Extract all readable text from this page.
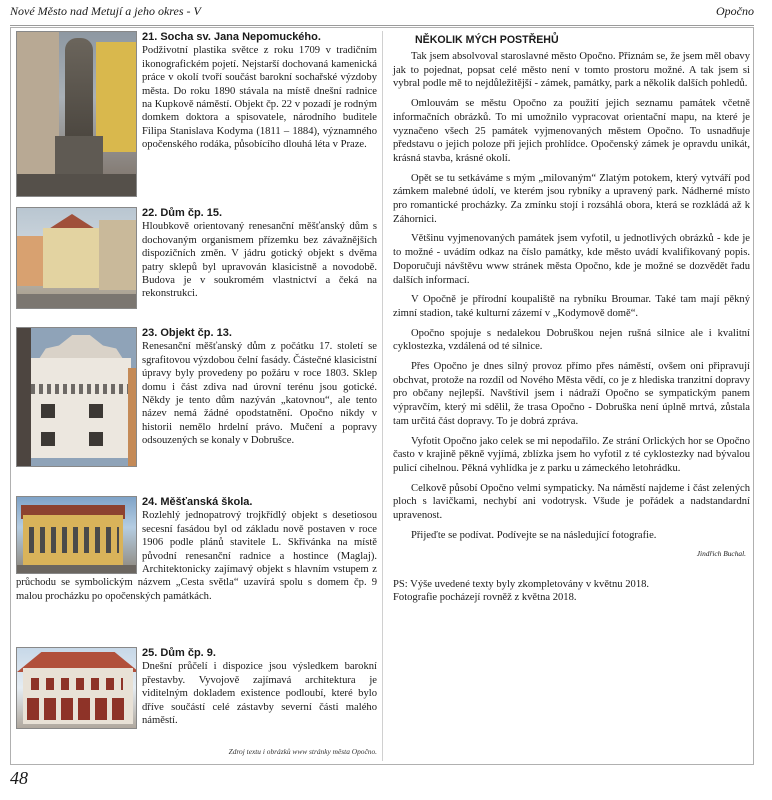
Nové Město nad Metují a jeho okres - V	Opočno
21. Socha sv. Jana Nepomuckého.
Podživotní plastika světce z roku 1709 v tradičním ikonografickém pojetí. Nejstarší dochovaná kamenická práce v okolí tvoří součást barokní sochařské výzdoby města. Do roku 1890 stávala na místě dnešní radnice na Kupkově náměstí. Objekt čp. 22 v pozadí je rodným domkem doktora a spisovatele, národního buditele Filipa Stanislava Kodyma (1811 – 1884), významného opočenského rodáka, působícího dlouhá léta v Praze.
22. Dům čp. 15.
Hloubkově orientovaný renesanční měšťanský dům s dochovaným organismem přízemku bez závažnějších dispozičních změn. V jádru gotický objekt s dvěma patry sklepů byl upravován klasicistně a novodobě. Budova je v soukromém vlastnictví a čeká na rekonstrukci.
23. Objekt čp. 13.
Renesanční měšťanský dům z počátku 17. století se sgrafitovou výzdobou čelní fasády. Částečné klasicistní úpravy byly provedeny po požáru v roce 1803. Sklep domu i část zdiva nad úrovní terénu jsou gotické. Někdy je tento dům nazýván „katovnou“, ale tento název nemá žádné opodstatnění. Opočno nikdy v historii nemělo hrdelní právo. Mučení a popravy odsouzených se konaly v Dobrušce.
24. Měšťanská škola.
Rozlehlý jednopatrový trojkřídlý objekt s desetiosou secesní fasádou byl od základu nově postaven v roce 1906 podle plánů stavitele L. Skřivánka na místě původní renesanční radnice a hostince (Maglaj). Architektonicky zajímavý objekt s hlavním vstupem z průchodu se symbolickým názvem „Cesta světla“ uzavírá spolu s domem čp. 9 malou procházku po opočenských památkách.
25. Dům čp. 9.
Dnešní průčelí i dispozice jsou výsledkem barokní přestavby. Vyvojově zajímavá architektura je viditelným dokladem existence podloubí, které bylo dříve součástí celé zástavby severní části malého náměstí.
Zdroj textu i obrázků www stránky města Opočno.
NĚKOLIK MÝCH POSTŘEHŮ

Tak jsem absolvoval staroslavné město Opočno. Přiznám se, že jsem měl obavy jak to pojednat, popsat celé město není v tomto prostoru možné. A tak jsem si vybral podle mě to nejdůležitější - zámek, památky, park a několik dalších pohledů.

Omlouvám se městu Opočno za použití jejich seznamu památek včetně informačních obrázků. To mi umožnilo vypracovat orientační mapu, na které je vyznačeno všech 25 památek vyjmenovaných městem Opočno. To usnadňuje představu o jejich poloze při jejich prohlídce. Opočenský zámek je opravdu unikát, krásná stavba, krásné okolí.

Opět se tu setkáváme s mým „milovaným“ Zlatým potokem, který vytváří pod zámkem malebné údolí, ve kterém jsou rybníky a upravený park. Nádherné místo pro romantické procházky. Za zmínku stojí i rozsáhlá obora, která se rozkládá až k Záhornici.

Většinu vyjmenovaných památek jsem vyfotil, u jednotlivých obrázků - kde je to možné - uvádím odkaz na číslo památky, kde město uvádí kvalifikovaný popis. Doporučuji návštěvu www stránek města Opočno, kde je možné se dozvědět řadu dalších informací.

V Opočně je přírodní koupaliště na rybníku Broumar. Také tam mají pěkný zimní stadion, také kulturní zázemí v „Kodymově domě“.

Opočno spojuje s nedalekou Dobruškou nejen rušná silnice ale i kvalitní cyklostezka, vzdálená od té silnice.

Přes Opočno je dnes silný provoz přímo přes náměstí, ovšem oni připravují obchvat, protože na rozdíl od Nového Města vědí, co je z hlediska tranzitní dopravy pro občany nejlepší. Navštívil jsem i nádraží Opočno se sympatickým panem výpravčím, který mi sdělil, že trasa Opočno - Dobruška není úplně mrtvá, zůstala tam určitá část dopravy. To je dobrá zpráva.

Vyfotit Opočno jako celek se mi nepodařilo. Ze strání Orlických hor se Opočno často v krajině pěkně vyjímá, zblízka jsem ho vyfotil z té cyklostezky nad bývalou pulicí cihelnou. Pěkná vyhlídka je z parku u zámeckého letohrádku.

Celkově působí Opočno velmi sympaticky. Na náměstí najdeme i část zelených ploch s lavičkami, nechybí ani vodotrysk. Všude je pořádek a nadstandardní upravenost.

Přijeďte se podívat. Podívejte se na následující fotografie.

Jindřich Buchal.
PS: Výše uvedené texty byly zkompletovány v květnu 2018.
Fotografie pocházejí rovněž z května 2018.
48
